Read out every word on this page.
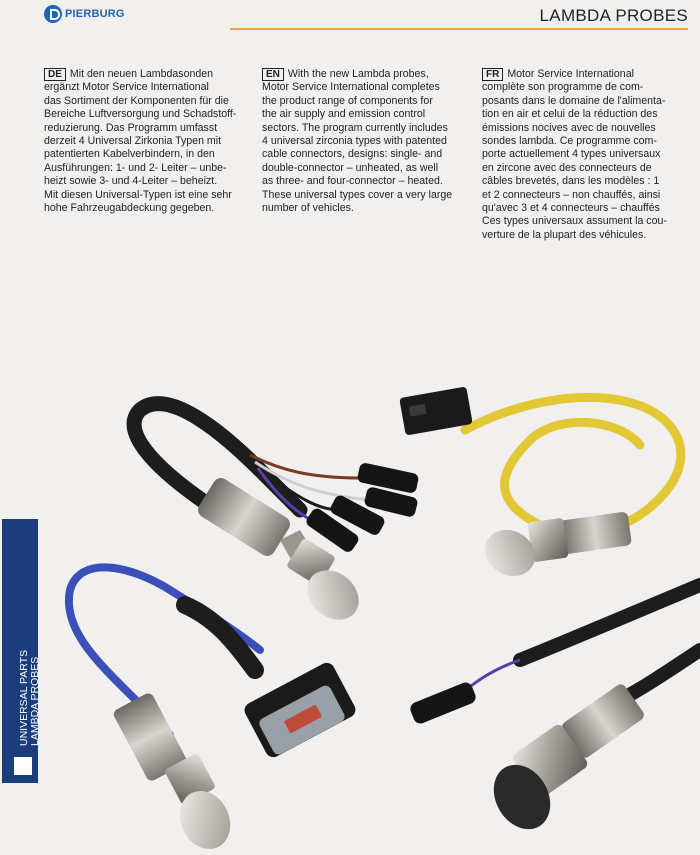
PIERBURG	LAMBDA PROBES
DE Mit den neuen Lambdasonden
ergänzt Motor Service International
das Sortiment der Komponenten für die
Bereiche Luftversorgung und Schadstoff-
reduzierung. Das Programm umfasst
derzeit 4 Universal Zirkonia Typen mit
patentierten Kabelverbindern, in den
Ausführungen: 1- und 2- Leiter – unbe-
heizt sowie 3- und 4-Leiter – beheizt.
Mit diesen Universal-Typen ist eine sehr
hohe Fahrzeugabdeckung gegeben.
EN With the new Lambda probes,
Motor Service International completes
the product range of components for
the air supply and emission control
sectors. The program currently includes
4 universal zirconia types with patented
cable connectors, designs: single- and
double-connector – unheated, as well
as three- and four-connector – heated.
These universal types cover a very large
number of vehicles.
FR Motor Service International
complète son programme de com-
posants dans le domaine de l'alimenta-
tion en air et celui de la réduction des
émissions nocives avec de nouvelles
sondes lambda. Ce programme com-
porte actuellement 4 types universaux
en zircone avec des connecteurs de
câbles brevetés, dans les modèles : 1
et 2 connecteurs – non chauffés, ainsi
qu'avec 3 et 4 connecteurs – chauffés
Ces types universaux assument la cou-
verture de la plupart des véhicules.
UNIVERSAL PARTS LAMBDA PROBES
